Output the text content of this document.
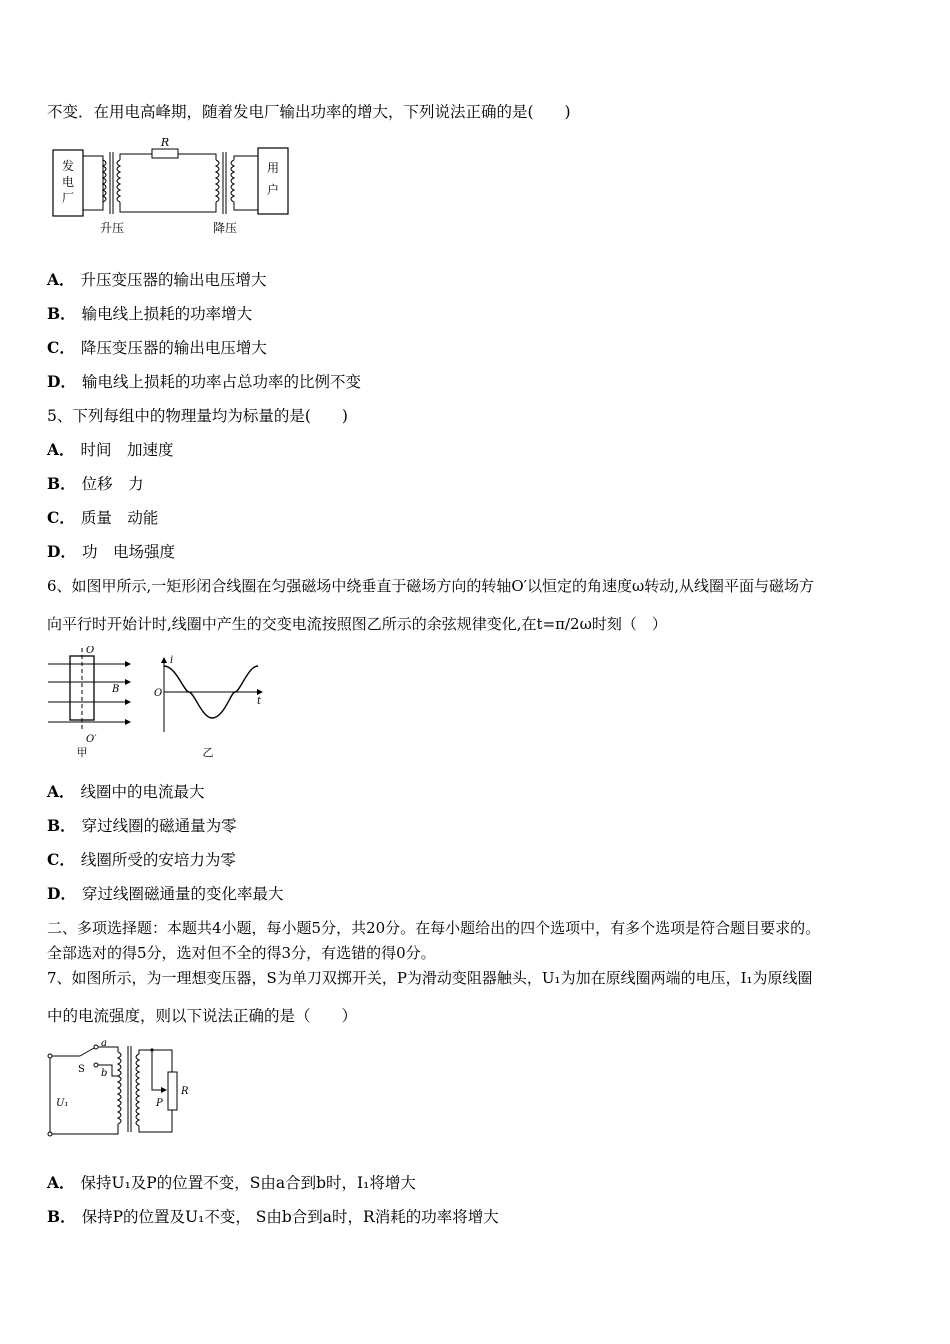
不变．在用电高峰期，随着发电厂输出功率的增大，下列说法正确的是(　　)
发
电
厂
R
用
户
升压	降压
A． 升压变压器的输出电压增大
B． 输电线上损耗的功率增大
C． 降压变压器的输出电压增大
D． 输电线上损耗的功率占总功率的比例不变
5、下列每组中的物理量均为标量的是(　　)
A． 时间　加速度
B． 位移　力
C． 质量　动能
D． 功　电场强度
6、如图甲所示,一矩形闭合线圈在匀强磁场中绕垂直于磁场方向的转轴O′以恒定的角速度ω转动,从线圈平面与磁场方
向平行时开始计时,线圈中产生的交变电流按照图乙所示的余弦规律变化,在t=π/2ω时刻（　）
O
O′
B
甲
i
t
O
乙
A． 线圈中的电流最大
B． 穿过线圈的磁通量为零
C． 线圈所受的安培力为零
D． 穿过线圈磁通量的变化率最大
二、多项选择题：本题共4小题，每小题5分，共20分。在每小题给出的四个选项中，有多个选项是符合题目要求的。
全部选对的得5分，选对但不全的得3分，有选错的得0分。
7、如图所示，为一理想变压器，S为单刀双掷开关，P为滑动变阻器触头，U₁为加在原线圈两端的电压，I₁为原线圈
中的电流强度，则以下说法正确的是（　　）
a
b
S
U₁	P
R
A． 保持U₁及P的位置不变，S由a合到b时，I₁将增大
B． 保持P的位置及U₁不变， S由b合到a时，R消耗的功率将增大
